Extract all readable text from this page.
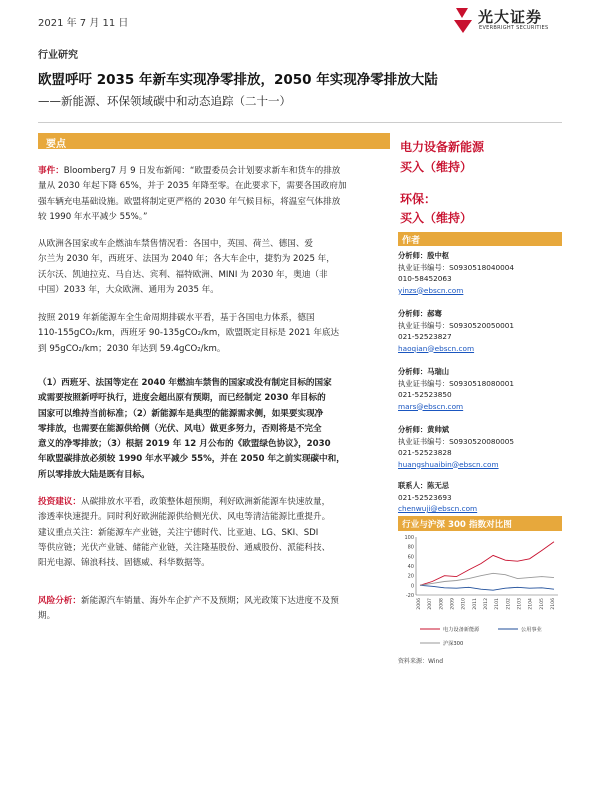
2021 年 7 月 11 日	光大证券
EVERBRIGHT SECURITIES
行业研究
欧盟呼吁 2035 年新车实现净零排放，2050 年实现净零排放大陆
——新能源、环保领域碳中和动态追踪（二十一）
要点
事件：Bloomberg7 月 9 日发布新闻：“欧盟委员会计划要求新车和货车的排放
量从 2030 年起下降 65%，并于 2035 年降至零。在此要求下，需要各国政府加
强车辆充电基础设施。欧盟将制定更严格的 2030 年气候目标，将温室气体排放
较 1990 年水平减少 55%。”
从欧洲各国家或车企燃油车禁售情况看：各国中，英国、荷兰、德国、爱
尔兰为 2030 年，西班牙、法国为 2040 年；各大车企中，捷豹为 2025 年，
沃尔沃、凯迪拉克、马自达、宾利、福特欧洲、MINI 为 2030 年，奥迪（非
中国）2033 年，大众欧洲、通用为 2035 年。
按照 2019 年新能源车全生命周期排碳水平看，基于各国电力体系，德国
110-155gCO₂/km，西班牙 90-135gCO₂/km，欧盟既定目标是 2021 年底达
到 95gCO₂/km；2030 年达到 59.4gCO₂/km。
（1）西班牙、法国等定在 2040 年燃油车禁售的国家或没有制定目标的国家
或需要按照新呼吁执行，进度会超出原有预期，而已经制定 2030 年目标的
国家可以维持当前标准；（2）新能源车是典型的能源需求侧，如果要实现净
零排放，也需要在能源供给侧（光伏、风电）做更多努力，否则将是不完全
意义的净零排放；（3）根据 2019 年 12 月公布的《欧盟绿色协议》，2030
年欧盟碳排放必须较 1990 年水平减少 55%，并在 2050 年之前实现碳中和，
所以零排放大陆是既有目标。
投资建议：从碳排放水平看，政策整体超预期，利好欧洲新能源车快速放量，
渗透率快速提升。同时利好欧洲能源供给侧光伏、风电等清洁能源比重提升。
建议重点关注：新能源车产业链，关注宁德时代、比亚迪、LG、SKI、SDI
等供应链；光伏产业链、储能产业链，关注隆基股份、通威股份、派能科技、
阳光电源、锦浪科技、固德威、科华数据等。
风险分析：新能源汽车销量、海外车企扩产不及预期；风光政策下达进度不及预
期。
电力设备新能源
买入（维持）
环保：
买入（维持）
作者
分析师：殷中枢
执业证书编号：S0930518040004
010-58452063
yinzs@ebscn.com
分析师：郝骞
执业证书编号：S0930520050001
021-52523827
haoqian@ebscn.com
分析师：马瑞山
执业证书编号：S0930518080001
021-52523850
mars@ebscn.com
分析师：黄帅斌
执业证书编号：S0930520080005
021-52523828
huangshuaibin@ebscn.com
联系人：陈无忌
021-52523693
chenwuji@ebscn.com
行业与沪深 300 指数对比图
-20
0
20
40
60
80
100
2006 2007 2008 2009 2010 2011 2012 2101 2102 2103 2104 2105 2106
电力设备新能源	公用事业
沪深300
资料来源：Wind
